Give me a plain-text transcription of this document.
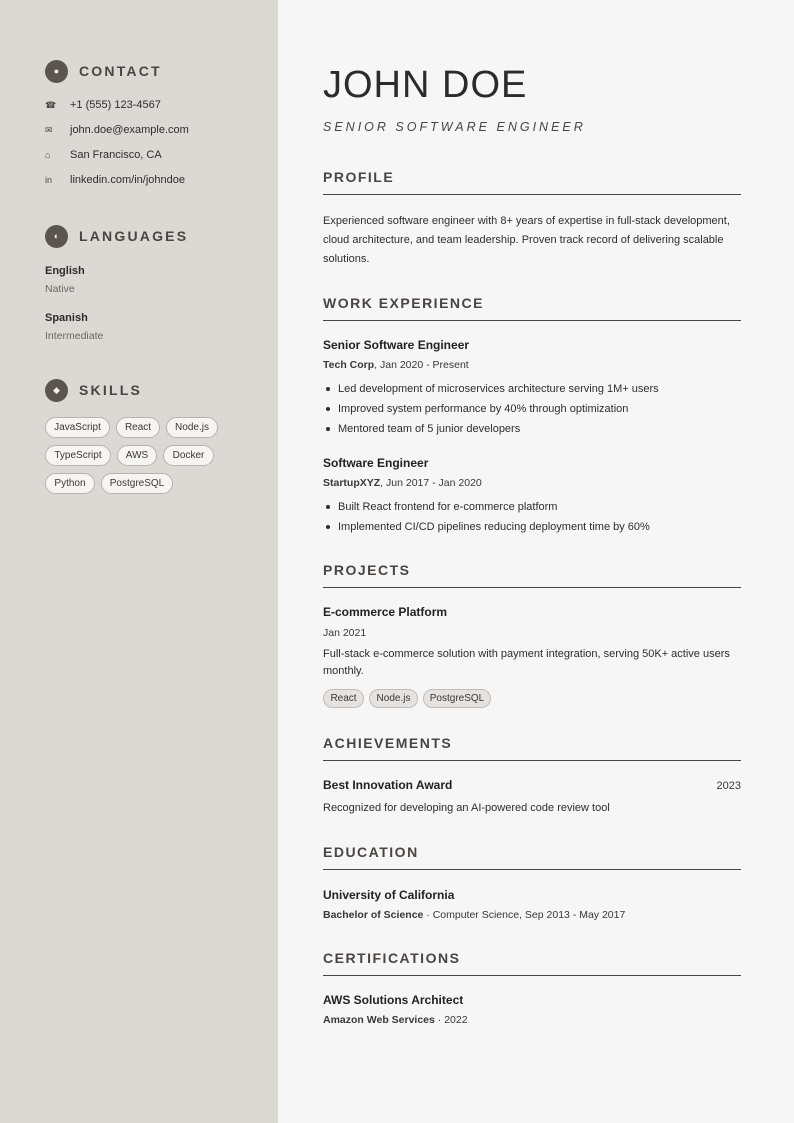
●	CONTACT
☎	+1 (555) 123-4567
✉	john.doe@example.com
⌂	San Francisco, CA
in	linkedin.com/in/johndoe
◐	LANGUAGES
English
Native
Spanish
Intermediate
◆	SKILLS
JavaScript	React	Node.js
TypeScript	AWS	Docker
Python	PostgreSQL
JOHN DOE
SENIOR SOFTWARE ENGINEER
PROFILE
Experienced software engineer with 8+ years of expertise in full-stack development, cloud architecture, and team leadership. Proven track record of delivering scalable solutions.
WORK EXPERIENCE
Senior Software Engineer
Tech Corp, Jan 2020 - Present
Led development of microservices architecture serving 1M+ users
Improved system performance by 40% through optimization
Mentored team of 5 junior developers
Software Engineer
StartupXYZ, Jun 2017 - Jan 2020
Built React frontend for e-commerce platform
Implemented CI/CD pipelines reducing deployment time by 60%
PROJECTS
E-commerce Platform
Jan 2021
Full-stack e-commerce solution with payment integration, serving 50K+ active users monthly.
React	Node.js	PostgreSQL
ACHIEVEMENTS
Best Innovation Award	2023
Recognized for developing an AI-powered code review tool
EDUCATION
University of California
Bachelor of Science · Computer Science, Sep 2013 - May 2017
CERTIFICATIONS
AWS Solutions Architect
Amazon Web Services · 2022
